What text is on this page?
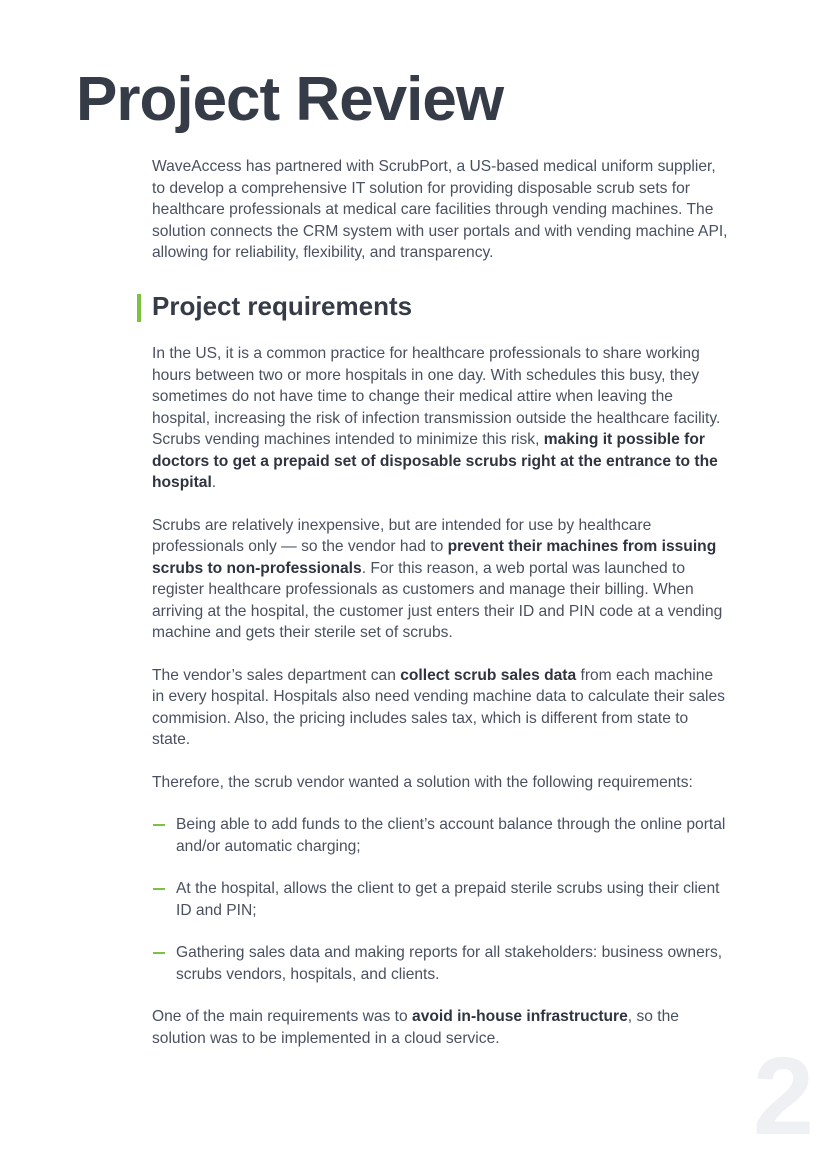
Project Review

WaveAccess has partnered with ScrubPort, a US-based medical uniform supplier, to develop a comprehensive IT solution for providing disposable scrub sets for healthcare professionals at medical care facilities through vending machines. The solution connects the CRM system with user portals and with vending machine API, allowing for reliability, flexibility, and transparency.

Project requirements

In the US, it is a common practice for healthcare professionals to share working hours between two or more hospitals in one day. With schedules this busy, they sometimes do not have time to change their medical attire when leaving the hospital, increasing the risk of infection transmission outside the healthcare facility. Scrubs vending machines intended to minimize this risk, making it possible for doctors to get a prepaid set of disposable scrubs right at the entrance to the hospital.

Scrubs are relatively inexpensive, but are intended for use by healthcare professionals only — so the vendor had to prevent their machines from issuing scrubs to non-professionals. For this reason, a web portal was launched to register healthcare professionals as customers and manage their billing. When arriving at the hospital, the customer just enters their ID and PIN code at a vending machine and gets their sterile set of scrubs.

The vendor’s sales department can collect scrub sales data from each machine in every hospital. Hospitals also need vending machine data to calculate their sales commision. Also, the pricing includes sales tax, which is different from state to state.

Therefore, the scrub vendor wanted a solution with the following requirements:

Being able to add funds to the client’s account balance through the online portal and/or automatic charging;

At the hospital, allows the client to get a prepaid sterile scrubs using their client ID and PIN;

Gathering sales data and making reports for all stakeholders: business owners, scrubs vendors, hospitals, and clients.

One of the main requirements was to avoid in-house infrastructure, so the solution was to be implemented in a cloud service.	2
